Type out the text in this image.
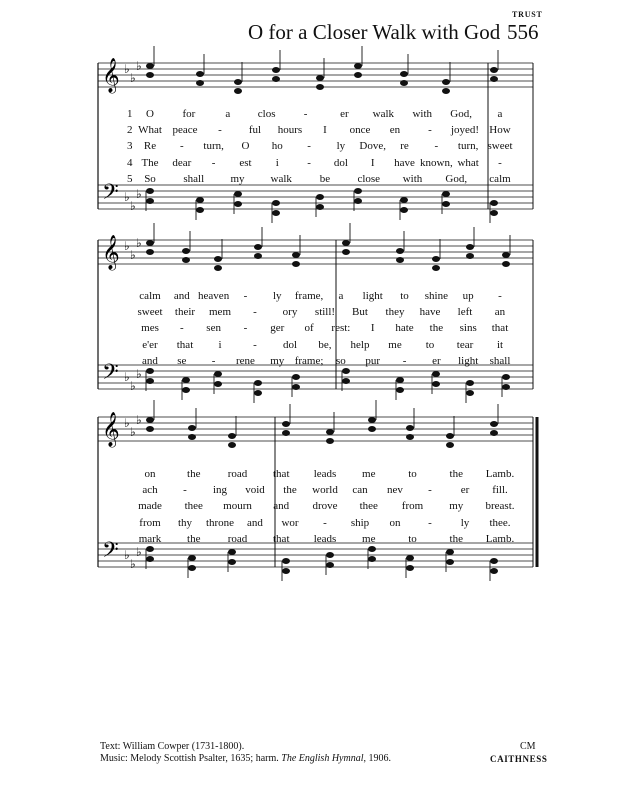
TRUST
O for a Closer Walk with God 556
𝄞
𝄢
♭
♭
♭
♭
♭
♭
𝄞
𝄢
♭
♭
♭
♭
♭
♭
𝄞
𝄢
♭
♭
♭
♭
♭
♭
1 O	for	a	clos	-	er walk with God, a
2 What peace - ful hours I once en	- joyed! How
3 Re - turn, O ho - ly Dove, re - turn, sweet
4 The dear - est i	- dol I have known, what -
5 So	shall my walk	be close with God, calm
calm and heaven - ly frame, a light to shine up -
sweet their mem - ory still! But they have left an
mes - sen - ger of rest: I hate the sins that
e'er that i	- dol be, help me to tear it
and se - rene my frame; so pur - er light shall
on	the road that leads me	to	the Lamb.
ach - ing void the world can nev -	er fill.
made thee mourn and drove thee from my breast.
from thy throne and wor - ship on	-	ly thee.
mark the road that leads me	to	the Lamb.
Text: William Cowper (1731-1800).
Music: Melody Scottish Psalter, 1635; harm. The English Hymnal, 1906.
CM
CAITHNESS
